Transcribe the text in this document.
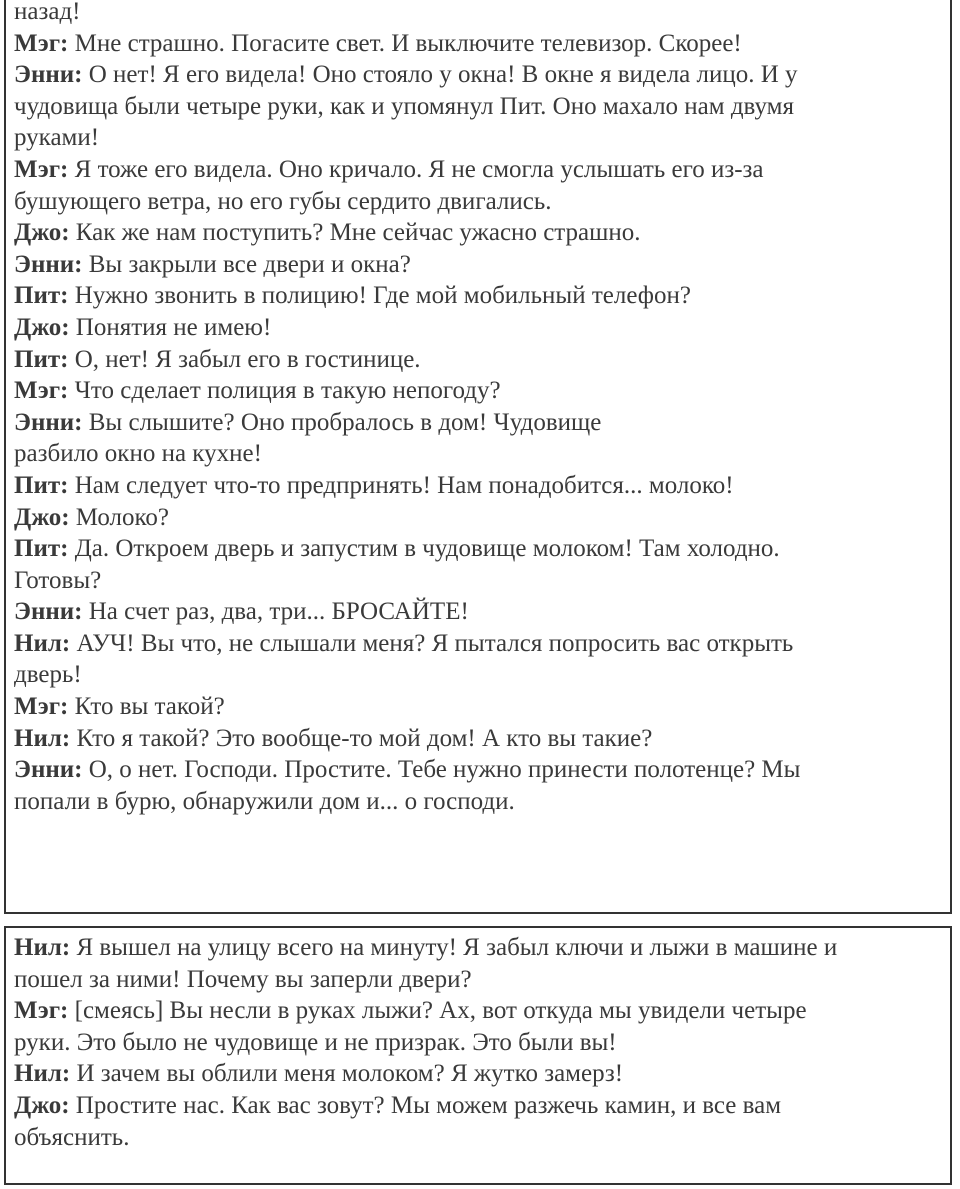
назад!
Мэг: Мне страшно. Погасите свет. И выключите телевизор. Скорее!
Энни: О нет! Я его видела! Оно стояло у окна! В окне я видела лицо. И у
чудовища были четыре руки, как и упомянул Пит. Оно махало нам двумя
руками!
Мэг: Я тоже его видела. Оно кричало. Я не смогла услышать его из-за
бушующего ветра, но его губы сердито двигались.
Джо: Как же нам поступить? Мне сейчас ужасно страшно.
Энни: Вы закрыли все двери и окна?
Пит: Нужно звонить в полицию! Где мой мобильный телефон?
Джо: Понятия не имею!
Пит: О, нет! Я забыл его в гостинице.
Мэг: Что сделает полиция в такую непогоду?
Энни: Вы слышите? Оно пробралось в дом! Чудовище
разбило окно на кухне!
Пит: Нам следует что-то предпринять! Нам понадобится... молоко!
Джо: Молоко?
Пит: Да. Откроем дверь и запустим в чудовище молоком! Там холодно.
Готовы?
Энни: На счет раз, два, три... БРОСАЙТЕ!
Нил: АУЧ! Вы что, не слышали меня? Я пытался попросить вас открыть
дверь!
Мэг: Кто вы такой?
Нил: Кто я такой? Это вообще-то мой дом! А кто вы такие?
Энни: О, о нет. Господи. Простите. Тебе нужно принести полотенце? Мы
попали в бурю, обнаружили дом и... о господи.
Нил: Я вышел на улицу всего на минуту! Я забыл ключи и лыжи в машине и
пошел за ними! Почему вы заперли двери?
Мэг: [смеясь] Вы несли в руках лыжи? Ах, вот откуда мы увидели четыре
руки. Это было не чудовище и не призрак. Это были вы!
Нил: И зачем вы облили меня молоком? Я жутко замерз!
Джо: Простите нас. Как вас зовут? Мы можем разжечь камин, и все вам
объяснить.
